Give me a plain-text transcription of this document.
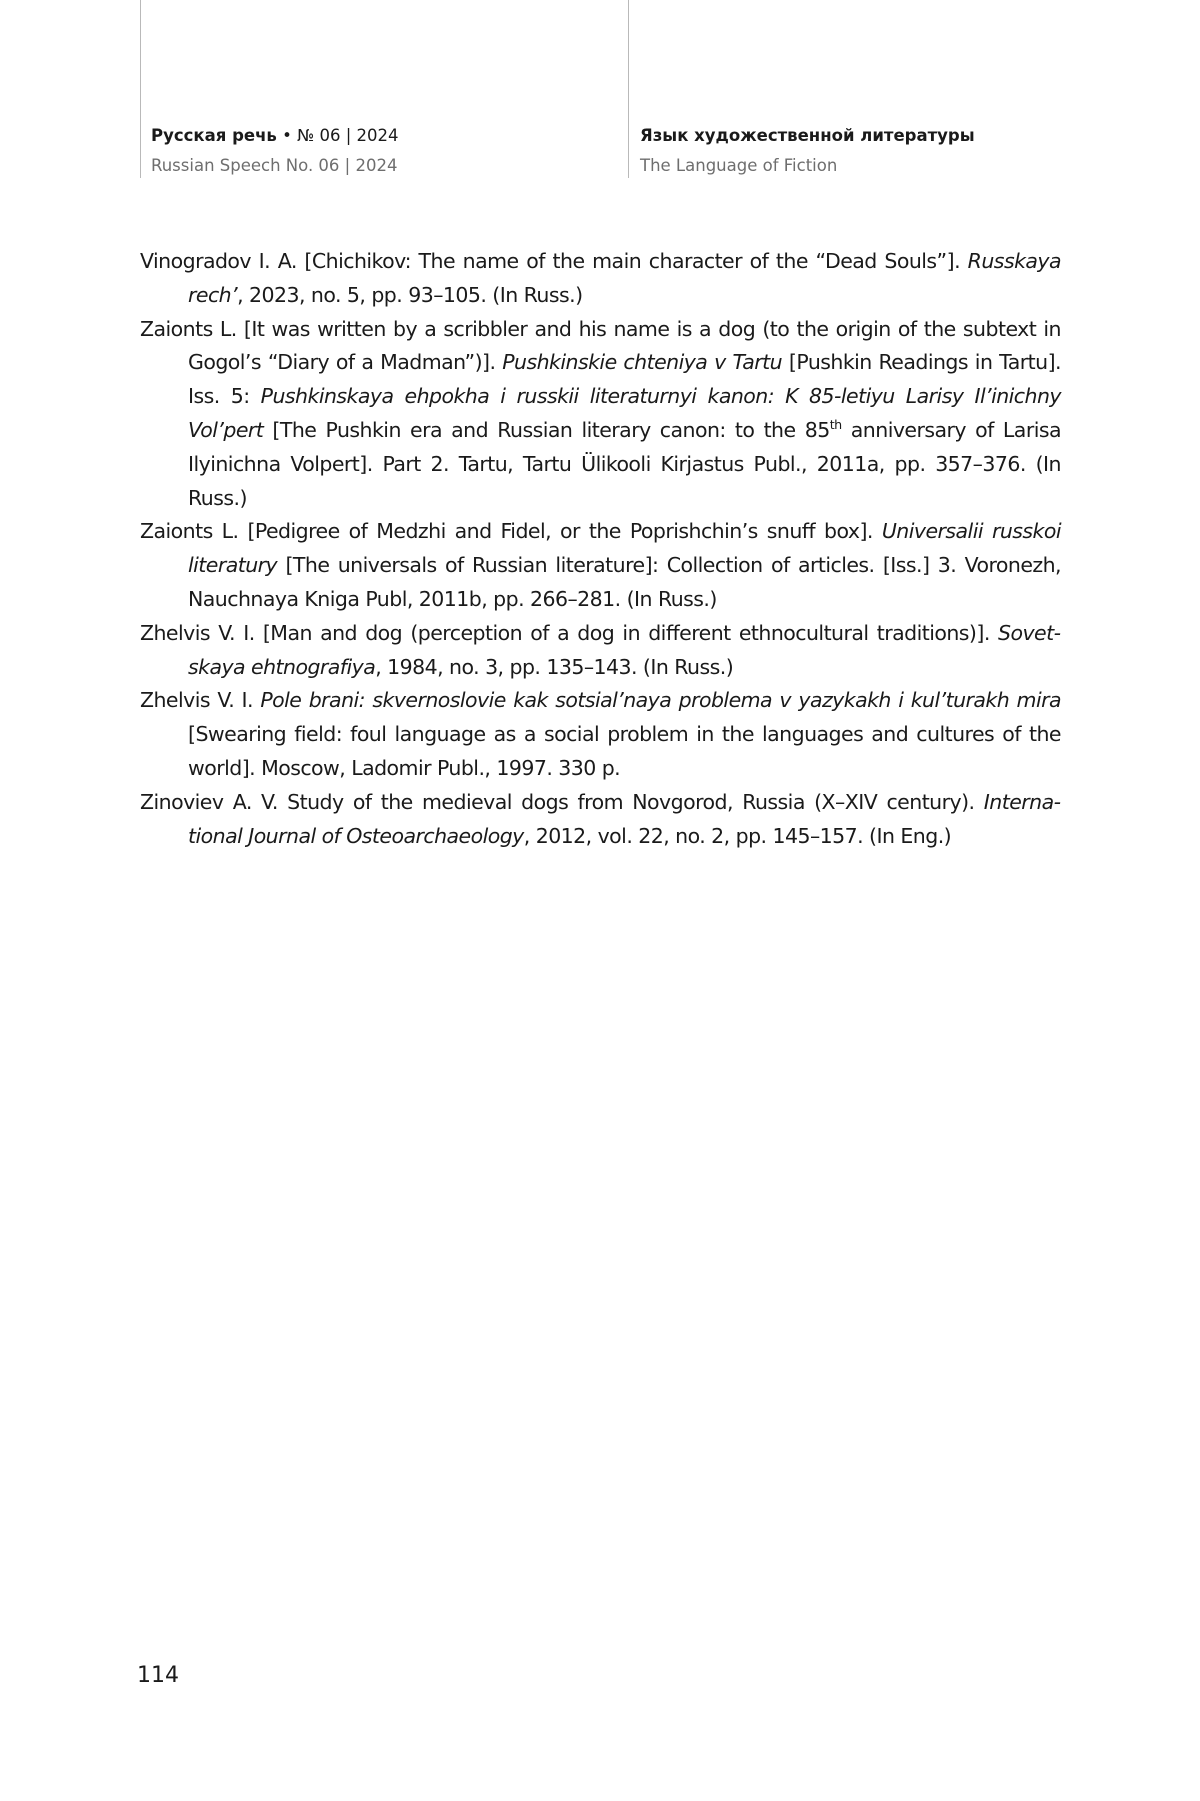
Русская речь • № 06 | 2024
Russian Speech No. 06 | 2024
Язык художественной литературы
The Language of Fiction
Vinogradov I. A. [Chichikov: The name of the main character of the “Dead Souls”]. Russkaya rech’, 2023, no. 5, pp. 93–105. (In Russ.)
Zaionts L. [It was written by a scribbler and his name is a dog (to the origin of the subtext in Gogol’s “Diary of a Madman”)]. Pushkinskie chteniya v Tartu [Pushkin Readings in Tartu]. Iss. 5: Pushkinskaya ehpokha i russkii literaturnyi kanon: K 85-letiyu Larisy Il’inichny Vol’pert [The Pushkin era and Russian literary canon: to the 85th anniversary of Larisa Ilyinichna Volpert]. Part 2. Tartu, Tartu Ülikooli Kirjastus Publ., 2011a, pp. 357–376. (In Russ.)
Zaionts L. [Pedigree of Medzhi and Fidel, or the Poprishchin’s snuff box]. Universalii russkoi literatury [The universals of Russian literature]: Collection of articles. [Iss.] 3. Voronezh, Nauchnaya Kniga Publ, 2011b, pp. 266–281. (In Russ.)
Zhelvis V. I. [Man and dog (perception of a dog in different ethnocultural traditions)]. Sovetskaya ehtnografiya, 1984, no. 3, pp. 135–143. (In Russ.)
Zhelvis V. I. Pole brani: skvernoslovie kak sotsial’naya problema v yazykakh i kul’turakh mira [Swearing field: foul language as a social problem in the languages and cultures of the world]. Moscow, Ladomir Publ., 1997. 330 p.
Zinoviev A. V. Study of the medieval dogs from Novgorod, Russia (X–XIV century). International Journal of Osteoarchaeology, 2012, vol. 22, no. 2, pp. 145–157. (In Eng.)
114
